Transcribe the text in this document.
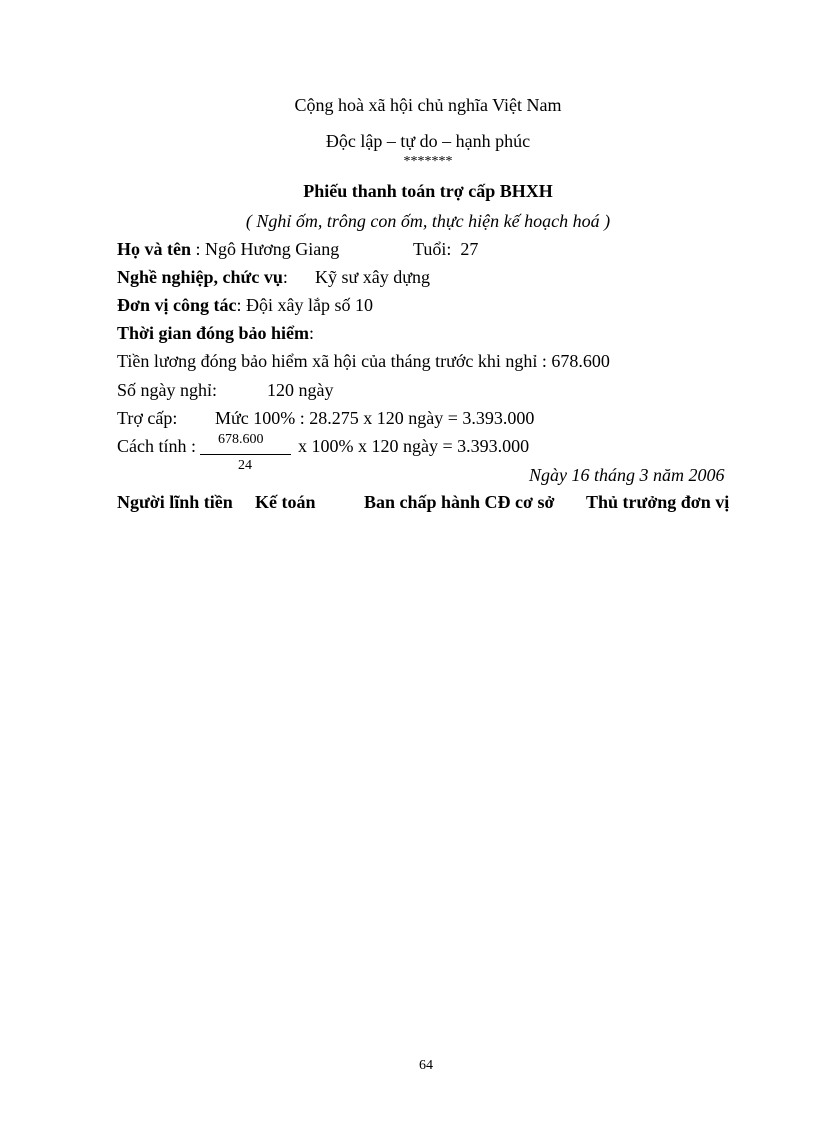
Cộng hoà xã hội chủ nghĩa Việt Nam
Độc lập – tự do – hạnh phúc
*******
Phiếu thanh toán trợ cấp BHXH
( Nghỉ ốm, trông con ốm, thực hiện kế hoạch hoá )
Họ và tên : Ngô Hương Giang	Tuổi: 27
Nghề nghiệp, chức vụ: Kỹ sư xây dựng
Đơn vị công tác: Đội xây lắp số 10
Thời gian đóng bảo hiểm:
Tiền lương đóng bảo hiểm xã hội của tháng trước khi nghỉ : 678.600
Số ngày nghỉ:	120 ngày
Trợ cấp: Mức 100% : 28.275 x 120 ngày = 3.393.000
Cách tính : 678.600
24
x 100% x 120 ngày = 3.393.000
Ngày 16 tháng 3 năm 2006
Người lĩnh tiền Kế toán	Ban chấp hành CĐ cơ sở Thủ trưởng đơn vị
64
